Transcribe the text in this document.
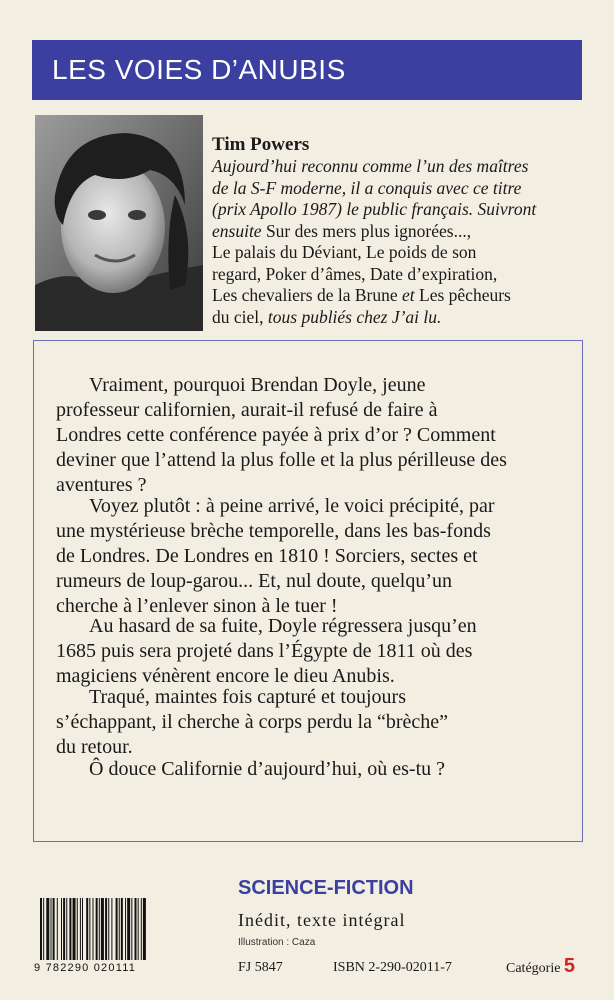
LES VOIES D’ANUBIS
Tim Powers
Aujourd’hui reconnu comme l’un des maîtres
de la S-F moderne, il a conquis avec ce titre
(prix Apollo 1987) le public français. Suivront
ensuite Sur des mers plus ignorées...,
Le palais du Déviant, Le poids de son
regard, Poker d’âmes, Date d’expiration,
Les chevaliers de la Brune et Les pêcheurs
du ciel, tous publiés chez J’ai lu.
Vraiment, pourquoi Brendan Doyle, jeune
professeur californien, aurait-il refusé de faire à
Londres cette conférence payée à prix d’or ? Comment
deviner que l’attend la plus folle et la plus périlleuse des
aventures ?
Voyez plutôt : à peine arrivé, le voici précipité, par
une mystérieuse brèche temporelle, dans les bas-fonds
de Londres. De Londres en 1810 ! Sorciers, sectes et
rumeurs de loup-garou... Et, nul doute, quelqu’un
cherche à l’enlever sinon à le tuer !
Au hasard de sa fuite, Doyle régressera jusqu’en
1685 puis sera projeté dans l’Égypte de 1811 où des
magiciens vénèrent encore le dieu Anubis.
Traqué, maintes fois capturé et toujours
s’échappant, il cherche à corps perdu la “brèche”
du retour.
Ô douce Californie d’aujourd’hui, où es-tu ?
SCIENCE-FICTION
9 782290 020111
Inédit, texte intégral
Illustration : Caza
FJ 5847	ISBN 2-290-02011-7	Catégorie 5
